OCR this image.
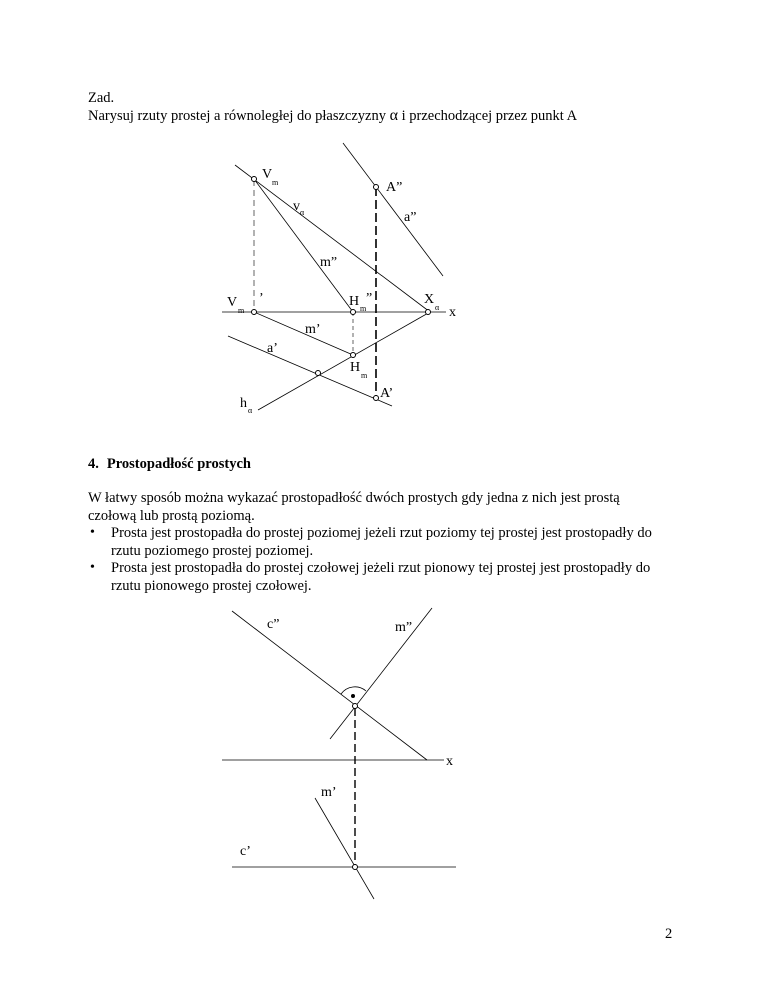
Zad.
Narysuj rzuty prostej a równoległej do płaszczyzny α i przechodzącej przez punkt A
V
m
v α
A”
a”
m”
V
m
’	H m
”	X
α x
m’
a’
H
m
A’
h α
4. Prostopadłość prostych
W łatwy sposób można wykazać prostopadłość dwóch prostych gdy jedna z nich jest prostą
czołową lub prostą poziomą.
• Prosta jest prostopadła do prostej poziomej jeżeli rzut poziomy tej prostej jest prostopadły do
rzutu poziomego prostej poziomej.
• Prosta jest prostopadła do prostej czołowej jeżeli rzut pionowy tej prostej jest prostopadły do
rzutu pionowego prostej czołowej.
c”	m”
x
m’
c’
2
